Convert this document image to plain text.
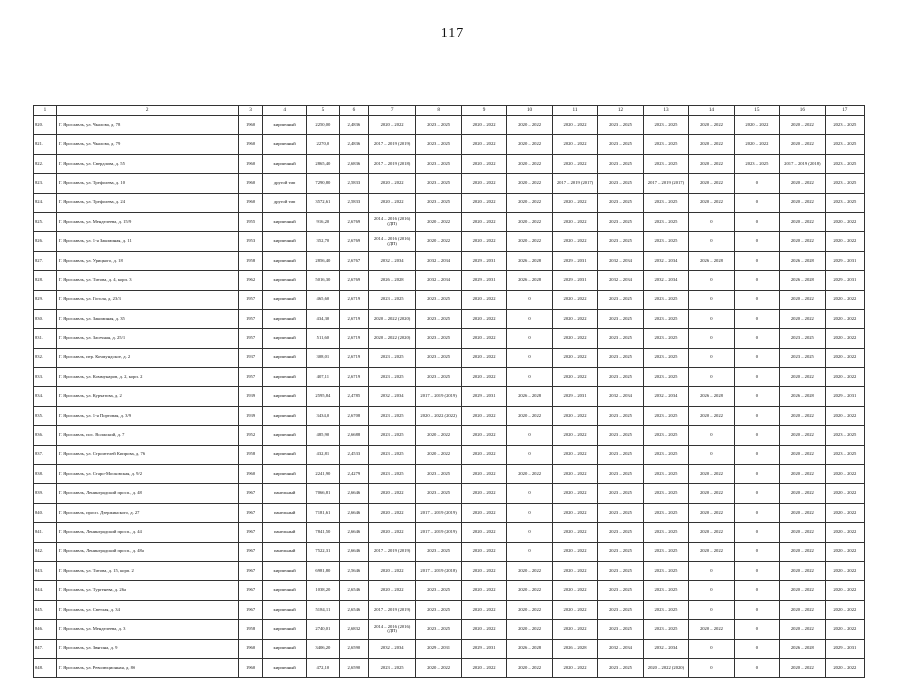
117
1	2	3	4	5	6	7	8	9	10	11	12	13	14	15	16	17
820.	Г. Ярославль, ул. Чкалова, д. 78	1960	кирпичный	2250,00	2,4836	2020 – 2022	2023 – 2025	2020 – 2022	2020 – 2022	2020 – 2022	2023 – 2025	2023 – 2025	2020 – 2022	2020 – 2022	2020 – 2022	2023 – 2025
821.	Г. Ярославль, ул. Чкалова, д. 79	1960	кирпичный	2270,0	2,4836	2017 – 2019 (2019)	2023 – 2025	2020 – 2022	2020 – 2022	2020 – 2022	2023 – 2025	2023 – 2025	2020 – 2022	2020 – 2022	2020 – 2022	2023 – 2025
822.	Г. Ярославль, ул. Свердлова, д. 55	1960	кирпичный	2865,40	2,6836	2017 – 2019 (2018)	2023 – 2025	2020 – 2022	2020 – 2022	2020 – 2022	2023 – 2025	2023 – 2025	2020 – 2022	2023 – 2025	2017 – 2019 (2018)	2023 – 2025
823.	Г. Ярославль, ул. Трефолева, д. 10	1960	другой тип	7290,80	2,5833	2020 – 2022	2023 – 2025	2020 – 2022	2020 – 2022	2017 – 2019 (2017)	2023 – 2025	2017 – 2019 (2017)	2020 – 2022	0	2020 – 2022	2023 – 2025
824.	Г. Ярославль, ул. Трефолева, д. 24	1960	другой тип	3572,61	2,5833	2020 – 2022	2023 – 2025	2020 – 2022	2020 – 2022	2020 – 2022	2023 – 2025	2023 – 2025	2020 – 2022	0	2020 – 2022	2023 – 2025
825.	Г. Ярославль, ул. Менделеева, д. 15/9	1955	кирпичный	916,20	2,6769	2014 – 2016 (2016) (ДП)	2020 – 2022	2020 – 2022	2020 – 2022	2020 – 2022	2023 – 2025	2023 – 2025	0	0	2020 – 2022	2020 – 2022
826.	Г. Ярославль, ул. 1-я Закоминая, д. 11	1953	кирпичный	352,70	2,6769	2014 – 2016 (2016) (ДП)	2020 – 2022	2020 – 2022	2020 – 2022	2020 – 2022	2023 – 2025	2023 – 2025	0	0	2020 – 2022	2020 – 2022
827.	Г. Ярославль, ул. Урицкого, д. 18	1958	кирпичный	2856,40	2,6767	2032 – 2034	2032 – 2034	2029 – 2031	2026 – 2028	2029 – 2031	2032 – 2034	2032 – 2034	2026 – 2028	0	2026 – 2028	2029 – 2031
828.	Г. Ярославль, ул. Титова, д. 4, корп. 3	1962	кирпичный	5016,30	2,6769	2026 – 2028	2032 – 2034	2029 – 2031	2026 – 2028	2029 – 2031	2032 – 2034	2032 – 2034	0	0	2026 – 2028	2029 – 2031
829.	Г. Ярославль, ул. Гоголя, д. 23/3	1957	кирпичный	465,60	2,6719	2023 – 2025	2023 – 2025	2020 – 2022	0	2020 – 2022	2023 – 2025	2023 – 2025	0	0	2020 – 2022	2020 – 2022
830.	Г. Ярославль, ул. Закоминая, д. 35	1957	кирпичный	434,30	2,6719	2020 – 2022 (2020)	2023 – 2025	2020 – 2022	0	2020 – 2022	2023 – 2025	2023 – 2025	0	0	2020 – 2022	2020 – 2022
831.	Г. Ярославль, ул. Засечная, д. 25/1	1957	кирпичный	511,60	2,6719	2020 – 2022 (2020)	2023 – 2025	2020 – 2022	0	2020 – 2022	2023 – 2025	2023 – 2025	0	0	2023 – 2025	2020 – 2022
832.	Г. Ярославль, пер. Кочмундское, д. 2	1937	кирпичный	308,01	2,6719	2023 – 2025	2023 – 2025	2020 – 2022	0	2020 – 2022	2023 – 2025	2023 – 2025	0	0	2023 – 2025	2020 – 2022
833.	Г. Ярославль, ул. Коммунаров, д. 2, корп. 2	1957	кирпичный	407,11	2,6719	2023 – 2025	2023 – 2025	2020 – 2022	0	2020 – 2022	2023 – 2025	2023 – 2025	0	0	2020 – 2022	2020 – 2022
834.	Г. Ярославль, ул. Курчатова, д. 2	1939	кирпичный	2595,84	2,4785	2032 – 2034	2017 – 2019 (2019)	2029 – 2031	2026 – 2028	2029 – 2031	2032 – 2034	2032 – 2034	2026 – 2028	0	2026 – 2028	2029 – 2031
835.	Г. Ярославль, ул. 1-я Портовая, д. 3/9	1939	кирпичный	3434,0	2,6708	2023 – 2025	2020 – 2022 (2022)	2020 – 2022	2020 – 2022	2020 – 2022	2023 – 2025	2023 – 2025	2020 – 2022	0	2020 – 2022	2020 – 2022
836.	Г. Ярославль, пос. Волжский, д. 7	1952	кирпичный	485,90	2,6688	2023 – 2025	2020 – 2022	2020 – 2022	0	2020 – 2022	2023 – 2025	2023 – 2025	0	0	2020 – 2022	2023 – 2025
837.	Г. Ярославль, ул. Строителей Кипрова, д. 76	1958	кирпичный	432,81	2,4533	2023 – 2025	2020 – 2022	2020 – 2022	0	2020 – 2022	2023 – 2025	2023 – 2025	0	0	2020 – 2022	2023 – 2025
838.	Г. Ярославль, ул. Старо-Московская, д. 9/2	1960	кирпичный	2241,90	2,4279	2023 – 2025	2023 – 2025	2020 – 2022	2020 – 2022	2020 – 2022	2023 – 2025	2023 – 2025	2020 – 2022	0	2020 – 2022	2020 – 2022
839.	Г. Ярославль, Ленинградский просп., д. 48	1967	панельный	7066,81	2,6646	2020 – 2022	2023 – 2025	2020 – 2022	0	2020 – 2022	2023 – 2025	2023 – 2025	2020 – 2022	0	2020 – 2022	2020 – 2022
840.	Г. Ярославль, просп. Дзержинского, д. 27	1967	панельный	7181,61	2,6646	2020 – 2022	2017 – 2019 (2019)	2020 – 2022	0	2020 – 2022	2023 – 2025	2023 – 2025	2020 – 2022	0	2020 – 2022	2020 – 2022
841.	Г. Ярославль, Ленинградский просп., д. 44	1967	панельный	7841,50	2,6646	2020 – 2022	2017 – 2019 (2019)	2020 – 2022	0	2020 – 2022	2023 – 2025	2023 – 2025	2020 – 2022	0	2020 – 2022	2020 – 2022
842.	Г. Ярославль, Ленинградский просп., д. 48а	1967	панельный	7522,31	2,6646	2017 – 2019 (2019)	2023 – 2025	2020 – 2022	0	2020 – 2022	2023 – 2025	2023 – 2025	2020 – 2022	0	2020 – 2022	2020 – 2022
843.	Г. Ярославль, ул. Титова, д. 15, корп. 2	1967	кирпичный	6981,80	2,5646	2020 – 2022	2017 – 2019 (2018)	2020 – 2022	2020 – 2022	2020 – 2022	2023 – 2025	2023 – 2025	0	0	2020 – 2022	2020 – 2022
844.	Г. Ярославль, ул. Тургенева, д. 26а	1967	кирпичный	1038,20	2,6546	2020 – 2022	2023 – 2025	2020 – 2022	2020 – 2022	2020 – 2022	2023 – 2025	2023 – 2025	0	0	2020 – 2022	2020 – 2022
845.	Г. Ярославль, ул. Светлая, д. 34	1967	кирпичный	5184,11	2,6546	2017 – 2019 (2019)	2023 – 2025	2020 – 2022	2020 – 2022	2020 – 2022	2023 – 2025	2023 – 2025	0	0	2020 – 2022	2020 – 2022
846.	Г. Ярославль, ул. Менделеева, д. 3	1958	кирпичный	2740,01	2,6832	2014 – 2016 (2016) (ДП)	2023 – 2025	2020 – 2022	2020 – 2022	2020 – 2022	2023 – 2025	2023 – 2025	2020 – 2022	0	2020 – 2022	2020 – 2022
847.	Г. Ярославль, ул. Звягина, д. 9	1960	кирпичный	3406,20	2,6590	2032 – 2034	2029 – 2031	2029 – 2031	2026 – 2028	2026 – 2028	2032 – 2034	2032 – 2034	0	0	2026 – 2028	2029 – 2031
848.	Г. Ярославль, ул. Революционная, д. 8б	1960	кирпичный	472,10	2,6590	2023 – 2025	2020 – 2022	2020 – 2022	2020 – 2022	2020 – 2022	2023 – 2025	2020 – 2022 (2020)	0	0	2020 – 2022	2020 – 2022
